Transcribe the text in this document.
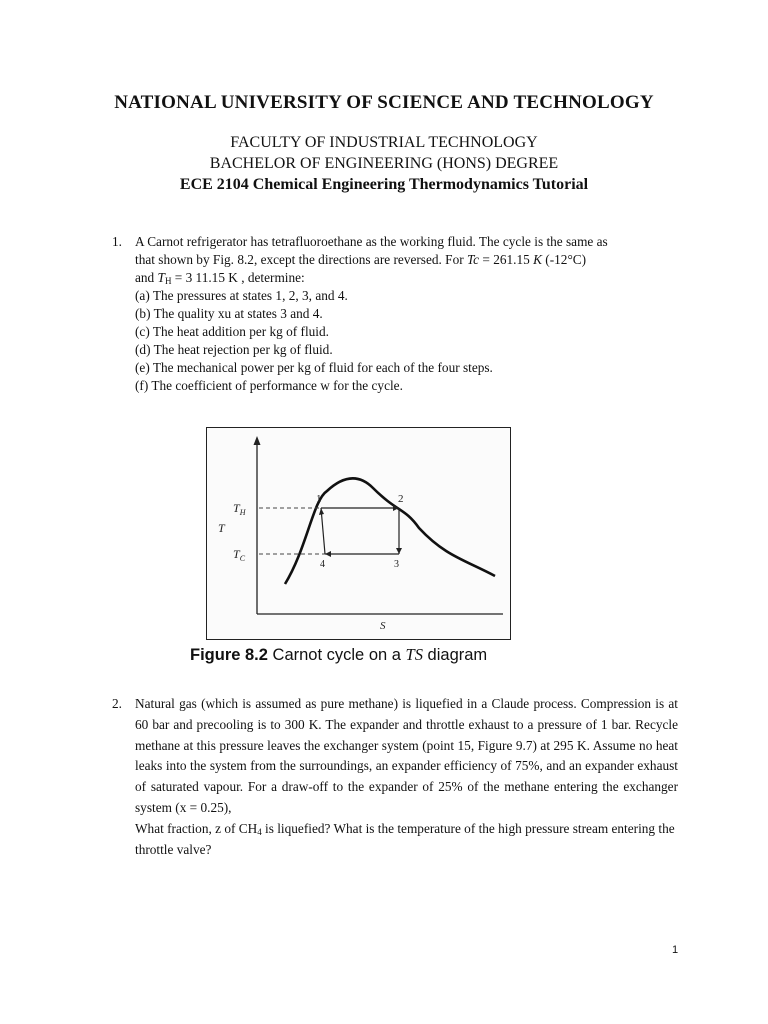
NATIONAL UNIVERSITY OF SCIENCE AND TECHNOLOGY
FACULTY OF INDUSTRIAL TECHNOLOGY
BACHELOR OF ENGINEERING (HONS) DEGREE
ECE 2104 Chemical Engineering Thermodynamics Tutorial
1. A Carnot refrigerator has tetrafluoroethane as the working fluid. The cycle is the same as
that shown by Fig. 8.2, except the directions are reversed. For Tc = 261.15 K (-12°C)
and $T_H = 3$ 11.15 K , determine:
(a) The pressures at states 1, 2, 3, and 4.
(b) The quality xu at states 3 and 4.
(c) The heat addition per kg of fluid.
(d) The heat rejection per kg of fluid.
(e) The mechanical power per kg of fluid for each of the four steps.
(f) The coefficient of performance w for the cycle.
$T_H$
$T_C$
T
S
1	2
3
4
Figure 8.2 Carnot cycle on a TS diagram
2. Natural gas (which is assumed as pure methane) is liquefied in a Claude process. Compression is at 60 bar and precooling is to 300 K. The expander and throttle exhaust to a pressure of 1 bar. Recycle methane at this pressure leaves the exchanger system (point 15, Figure 9.7) at 295 K. Assume no heat leaks into the system from the surroundings, an expander efficiency of 75%, and an expander exhaust of saturated vapour. For a draw-off to the expander of 25% of the methane entering the exchanger system (x = 0.25),
What fraction, z of $CH_4$ is liquefied? What is the temperature of the high pressure stream entering the throttle valve?
1
